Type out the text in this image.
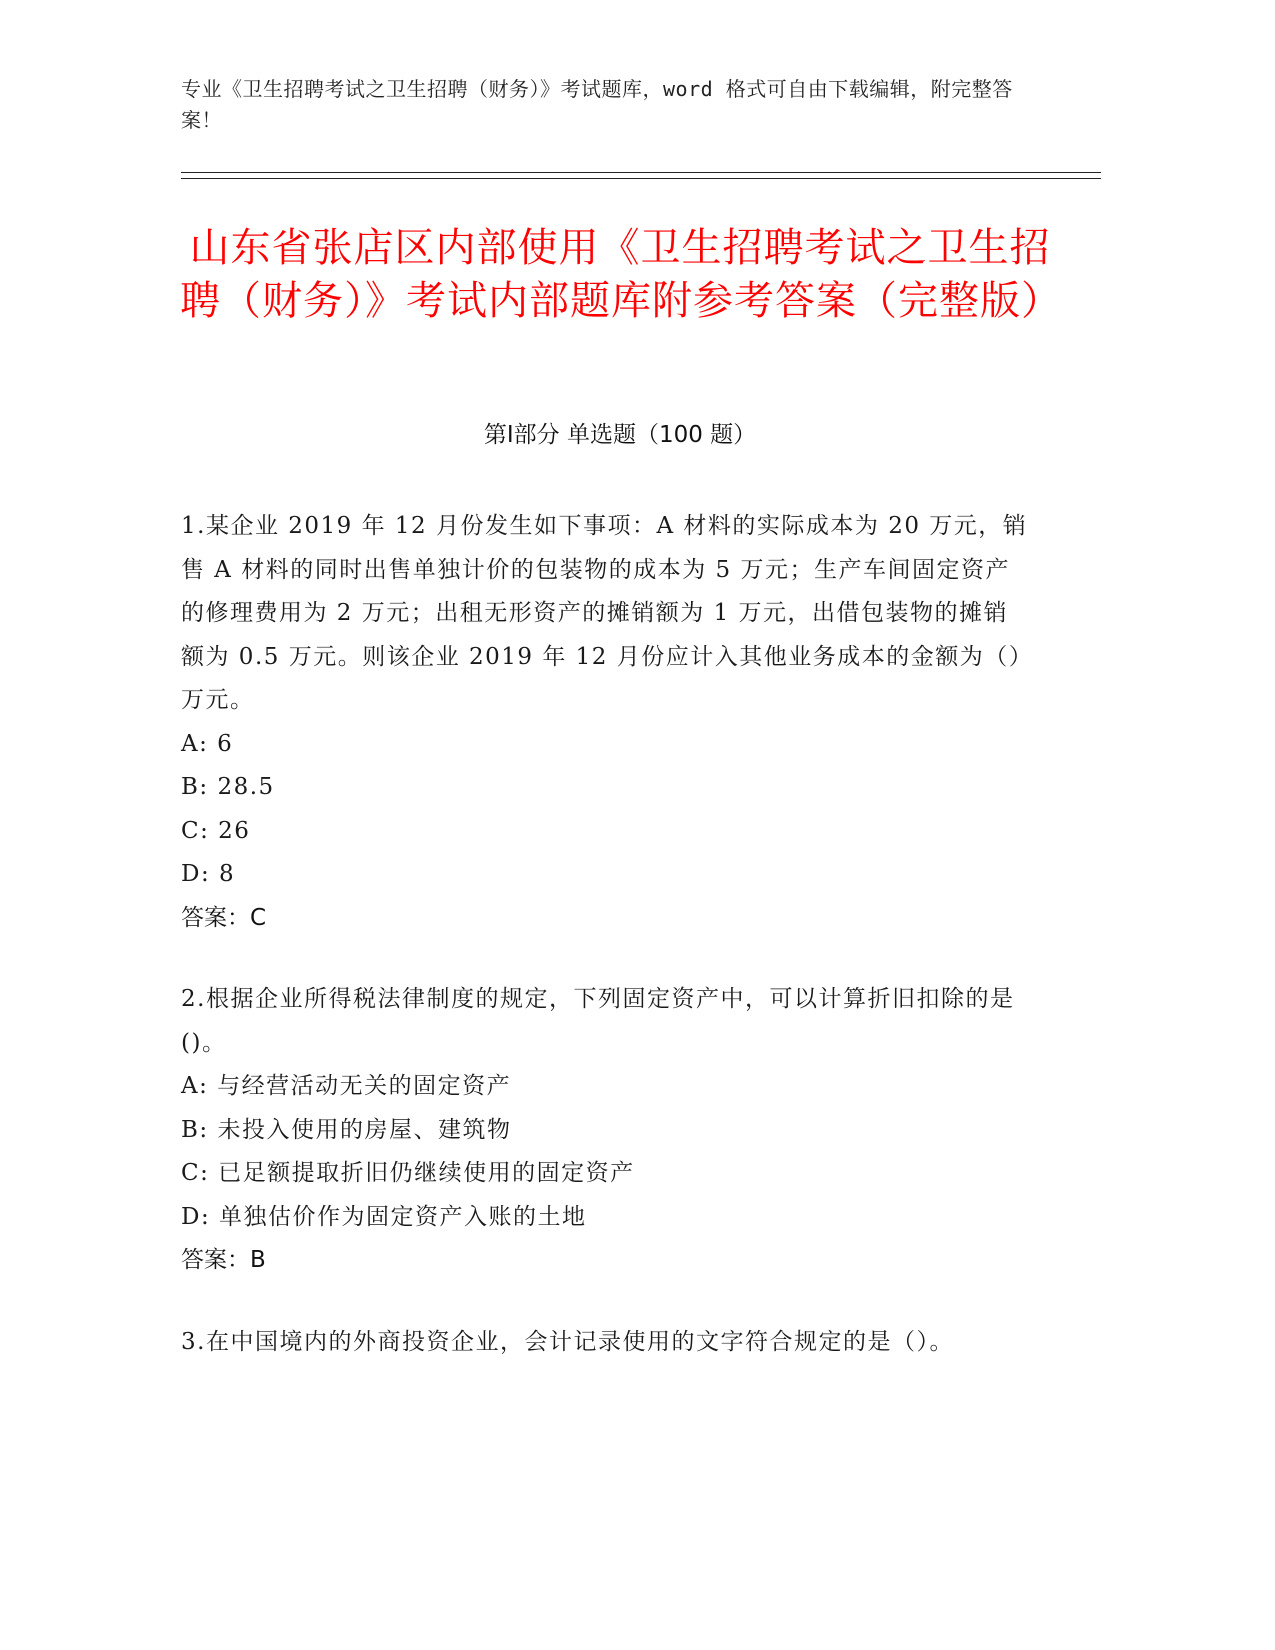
专业《卫生招聘考试之卫生招聘（财务）》考试题库，word 格式可自由下载编辑，附完整答案！
山东省张店区内部使用《卫生招聘考试之卫生招聘（财务）》考试内部题库附参考答案（完整版）
第Ⅰ部分 单选题（100 题）

1.某企业 2019 年 12 月份发生如下事项：A 材料的实际成本为 20 万元，销售 A 材料的同时出售单独计价的包装物的成本为 5 万元；生产车间固定资产的修理费用为 2 万元；出租无形资产的摊销额为 1 万元，出借包装物的摊销额为 0.5 万元。则该企业 2019 年 12 月份应计入其他业务成本的金额为（）万元。

A: 6

B: 28.5

C: 26

D: 8

答案：C

2.根据企业所得税法律制度的规定，下列固定资产中，可以计算折旧扣除的是()。

A: 与经营活动无关的固定资产

B: 未投入使用的房屋、建筑物

C: 已足额提取折旧仍继续使用的固定资产

D: 单独估价作为固定资产入账的土地

答案：B

3.在中国境内的外商投资企业，会计记录使用的文字符合规定的是（）。
